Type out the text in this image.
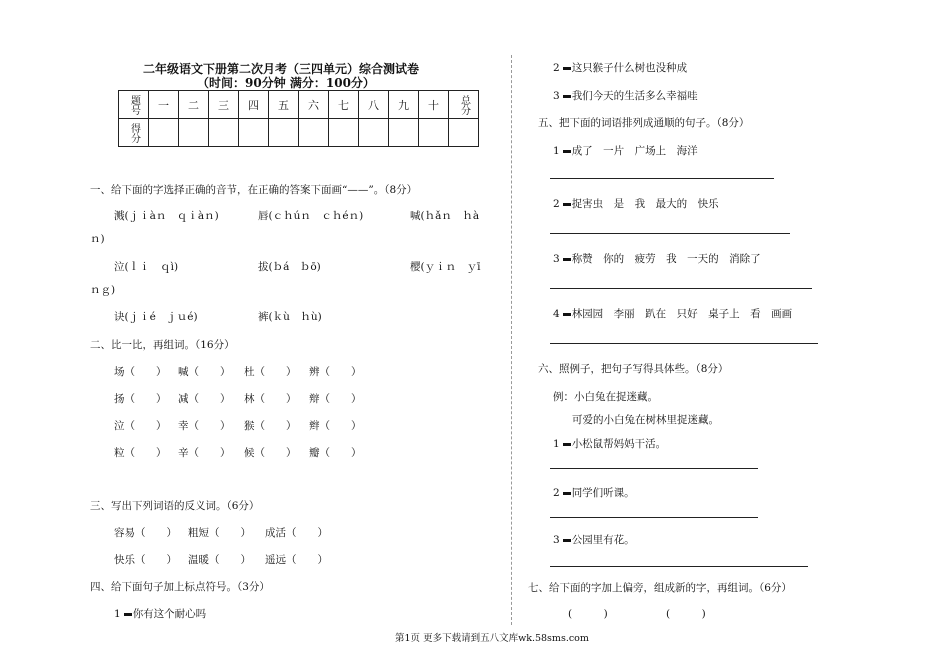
二年级语文下册第二次月考（三四单元）综合测试卷
（时间：90分钟 满分：100分）
题号	一	二	三	四	五	六	七	八	九	十	总分
得分											
一、给下面的字选择正确的音节，在正确的答案下面画“——”。（8分）
溅(ｊｉàｎ　ｑｉàｎ)	唇(ｃｈúｎ　ｃｈéｎ)	喊(ｈǎｎ　ｈà
ｎ)
泣(ｌｉ　ｑì)	拔(ｂá　ｂō)	樱(ｙｉｎ　ｙī
ｎｇ)
诀(ｊｉé　ｊｕé)	裤(ｋù　ｈù)
二、比一比，再组词。（16分）
场（　　） 喊（　　） 杜（　　） 辨（　　）
扬（　　） 减（　　） 林（　　） 辩（　　）
泣（　　） 幸（　　） 猴（　　） 辫（　　）
粒（　　） 辛（　　） 候（　　） 瓣（　　）
三、写出下列词语的反义词。（6分）
容易（　　） 粗短（　　） 成活（　　）
快乐（　　） 温暖（　　） 遥远（　　）
四、给下面句子加上标点符号。（3分）
1 你有这个耐心吗
2 这只猴子什么树也没种成
3 我们今天的生活多么幸福哇
五、把下面的词语排列成通顺的句子。（8分）
1 成了　一片　广场上　海洋
2 捉害虫　是　我　最大的　快乐
3 称赞　你的　疲劳　我　一天的　消除了
4 林园园　李丽　趴在　只好　桌子上　看　画画
六、照例子，把句子写得具体些。（8分）
例：小白兔在捉迷藏。
可爱的小白兔在树林里捉迷藏。
1 小松鼠帮妈妈干活。
2 同学们听课。
3 公园里有花。
七、给下面的字加上偏旁，组成新的字，再组词。（6分）
(　　　)	(　　　)
第1页 更多下载请到五八文库wk.58sms.com
